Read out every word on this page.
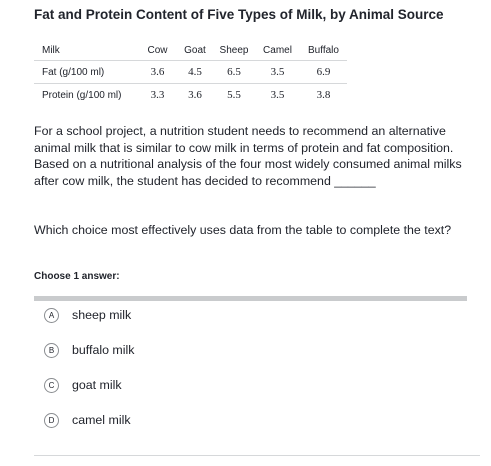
Fat and Protein Content of Five Types of Milk, by Animal Source
Milk	Cow	Goat	Sheep	Camel	Buffalo
Fat (g/100 ml)	3.6	4.5	6.5	3.5	6.9
Protein (g/100 ml)	3.3	3.6	5.5	3.5	3.8
For a school project, a nutrition student needs to recommend an alternative animal milk that is similar to cow milk in terms of protein and fat composition. Based on a nutritional analysis of the four most widely consumed animal milks after cow milk, the student has decided to recommend ______
Which choice most effectively uses data from the table to complete the text?
Choose 1 answer:
A	sheep milk
B	buffalo milk
C	goat milk
D	camel milk
